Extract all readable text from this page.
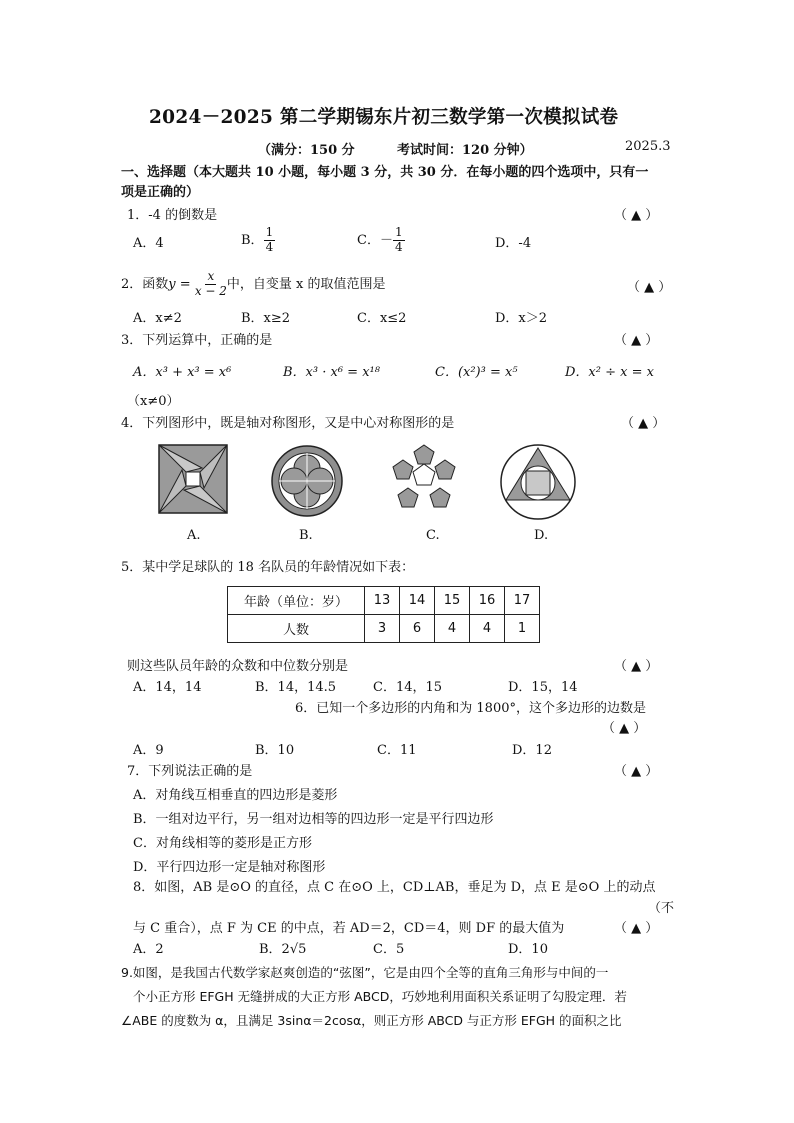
2024－2025 第二学期锡东片初三数学第一次模拟试卷
（满分：150 分	考试时间：120 分钟）	2025.3
一、选择题（本大题共 10 小题，每小题 3 分，共 30 分．在每小题的四个选项中，只有一
项是正确的）
1．-4 的倒数是	（ ▲ ）
A．4	B． $\frac{1}{4}$	C．－ $\frac{1}{4}$	D．-4
2．函数$y = \frac{x}{x - 2}$ 中，自变量 x 的取值范围是	（ ▲ ）
A．x≠2	B．x≥2	C．x≤2	D．x＞2
3．下列运算中，正确的是	（ ▲ ）
A．x³ + x³ = x⁶	B．x³ · x⁶ = x¹⁸	C．(x²)³ = x⁵	D．x² ÷ x = x
（x≠0）
4．下列图形中，既是轴对称图形，又是中心对称图形的是	（ ▲ ）
A.	B.	C.	D.
5．某中学足球队的 18 名队员的年龄情况如下表：
年龄（单位：岁）	13	14	15	16	17
人数	3	6	4	4	1
则这些队员年龄的众数和中位数分别是	（ ▲ ）
A．14，14	B．14，14.5	C．14，15	D．15，14
6．已知一个多边形的内角和为 1800°，这个多边形的边数是
（ ▲ ）
A．9	B．10	C．11	D．12
7．下列说法正确的是	（ ▲ ）
A．对角线互相垂直的四边形是菱形
B．一组对边平行，另一组对边相等的四边形一定是平行四边形
C．对角线相等的菱形是正方形
D．平行四边形一定是轴对称图形
8．如图，AB 是⊙O 的直径，点 C 在⊙O 上，CD⊥AB，垂足为 D，点 E 是⊙O 上的动点
（不
与 C 重合），点 F 为 CE 的中点，若 AD＝2，CD＝4，则 DF 的最大值为	（ ▲ ）
A．2	B．2√5	C．5	D．10
9.如图，是我国古代数学家赵爽创造的“弦图”，它是由四个全等的直角三角形与中间的一
个小正方形 EFGH 无缝拼成的大正方形 ABCD，巧妙地利用面积关系证明了勾股定理．若
∠ABE 的度数为 α，且满足 3sinα＝2cosα，则正方形 ABCD 与正方形 EFGH 的面积之比
